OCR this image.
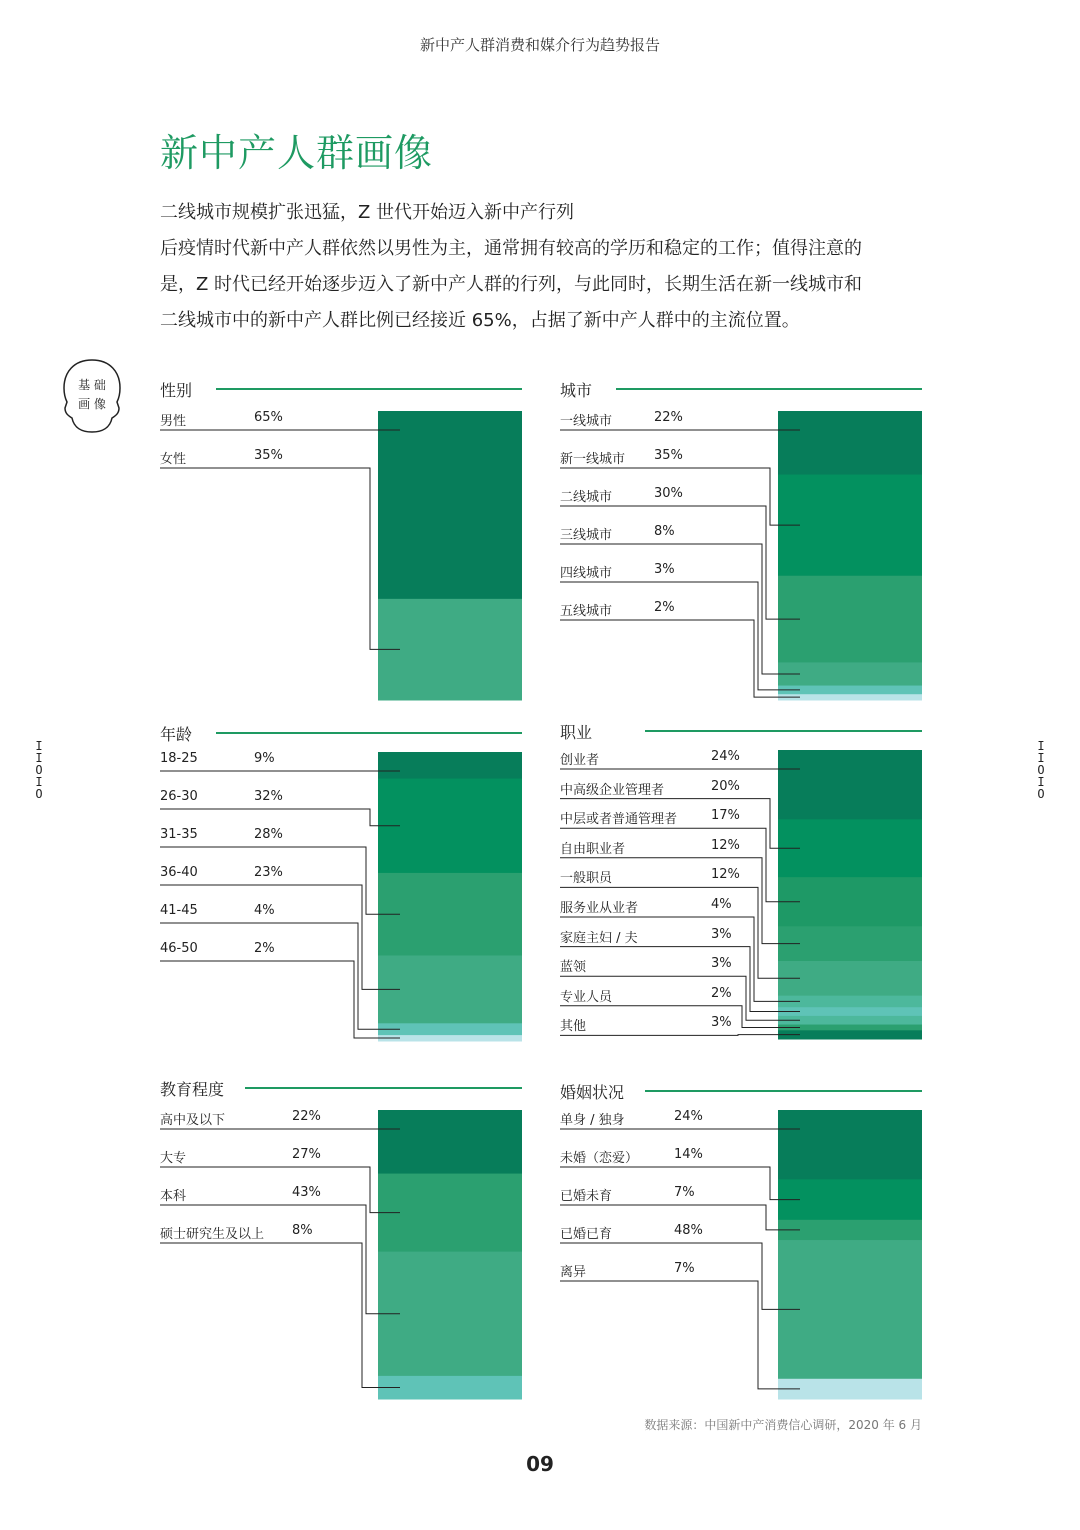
新中产人群消费和媒介行为趋势报告
新中产人群画像
二线城市规模扩张迅猛，Z 世代开始迈入新中产行列
后疫情时代新中产人群依然以男性为主，通常拥有较高的学历和稳定的工作；值得注意的
是，Z 时代已经开始逐步迈入了新中产人群的行列，与此同时，长期生活在新一线城市和
二线城市中的新中产人群比例已经接近 65%，占据了新中产人群中的主流位置。
基 础
画 像
I
I
O
I
O
I
I
O
I
O
性别
男性	65%
女性	35%
城市
一线城市	22%
新一线城市 35%
二线城市	30%
三线城市	8%
四线城市	3%
五线城市	2%
年龄
18-25	9%
26-30	32%
31-35	28%
36-40	23%
41-45	4%
46-50	2%
职业
创业者	24%
中高级企业管理者	20%
中层或者普通管理者	17%
自由职业者	12%
一般职员	12%
服务业从业者	4%
家庭主妇 / 夫	3%
蓝领	3%
专业人员	2%
其他	3%
教育程度
高中及以下	22%
大专	27%
本科	43%
硕士研究生及以上 8%
婚姻状况
单身 / 独身	24%
未婚（恋爱）	14%
已婚未育	7%
已婚已育	48%
离异	7%
数据来源：中国新中产消费信心调研，2020 年 6 月
09
